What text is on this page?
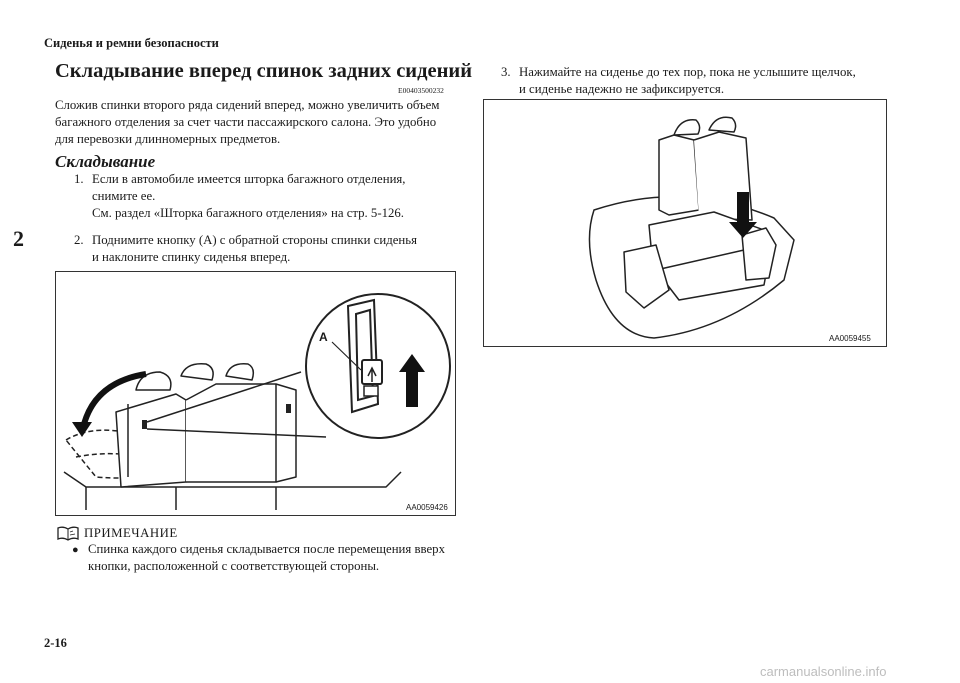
Сиденья и ремни безопасности
2
2-16
carmanualsonline.info
Складывание вперед спинок задних сидений
E00403500232
Сложив спинки второго ряда сидений вперед, можно увеличить объем багажного отделения за счет части пассажирского салона. Это удобно для перевозки длинномерных предметов.
Складывание
1. Если в автомобиле имеется шторка багажного отделения,
снимите ее.
См. раздел «Шторка багажного отделения» на стр. 5-126.
2. Поднимите кнопку (A) с обратной стороны спинки сиденья
и наклоните спинку сиденья вперед.
3. Нажимайте на сиденье до тех пор, пока не услышите щелчок,
и сиденье надежно не зафиксируется.
A
AA0059426
AA0059455
ПРИМЕЧАНИЕ
● Спинка каждого сиденья складывается после перемещения вверх кнопки, расположенной с соответствующей стороны.
